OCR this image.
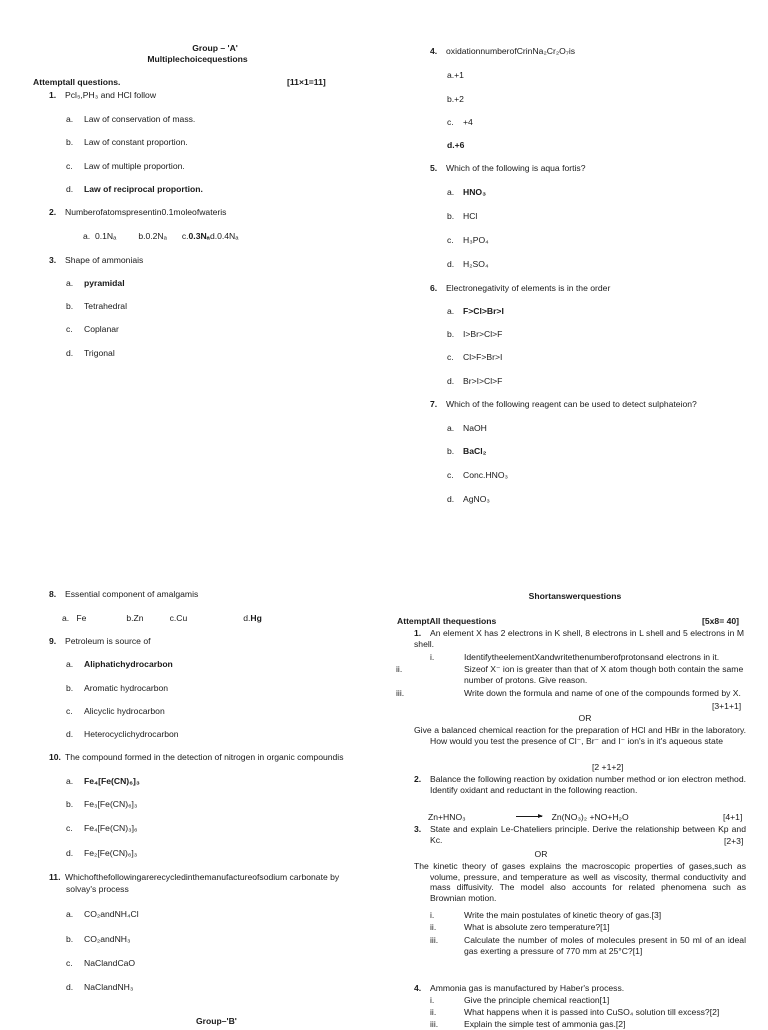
Group – 'A'
Multiplechoicequestions
Attemptall questions.	[11×1=11]
1. Pcl₅,PH₃ and HCl follow
a. Law of conservation of mass.
b. Law of constant proportion.
c. Law of multiple proportion.
d. Law of reciprocal proportion.
2. Numberofatomspresentin0.1moleofwateris
a. 0.1Nₐ	b.0.2Nₐ c.0.3Nₐd.0.4Nₐ
3. Shape of ammoniais
a. pyramidal
b. Tetrahedral
c. Coplanar
d. Trigonal
4. oxidationnumberofCrinNa₂Cr₂O₇is
a.+1
b.+2
c. +4
d.+6
5. Which of the following is aqua fortis?
a. HNO₃
b. HCl
c. H₃PO₄
d. H₂SO₄
6. Electronegativity of elements is in the order
a. F>Cl>Br>I
b. I>Br>Cl>F
c. Cl>F>Br>I
d. Br>I>Cl>F
7. Which of the following reagent can be used to detect sulphateion?
a. NaOH
b. BaCl₂
c. Conc.HNO₃
d. AgNO₃
8. Essential component of amalgamis
a. Fe	b.Zn	c.Cu	d.Hg
9. Petroleum is source of
a. Aliphatichydrocarbon
b. Aromatic hydrocarbon
c. Alicyclic hydrocarbon
d. Heterocyclichydrocarbon
10. The compound formed in the detection of nitrogen in organic compoundis
a. Fe₄[Fe(CN)₆]₃
b. Fe₃[Fe(CN)₆]₃
c. Fe₄[Fe(CN)₃]₆
d. Fe₂[Fe(CN)₆]₃
11. Whichofthefollowingarerecycledinthemanufactureofsodium carbonate by
solvay's process
a. CO₂andNH₄Cl
b. CO₂andNH₃
c. NaClandCaO
d. NaClandNH₃
Group–'B'
Shortanswerquestions
AttemptAll thequestions	[5x8= 40]
1. An element X has 2 electrons in K shell, 8 electrons in L shell and 5 electrons in M shell.
i.	IdentifytheelementXandwritethenumberofprotonsand electrons in it.
ii.	Sizeof X⁻ ion is greater than that of X atom though both contain the same number of protons. Give reason.
iii.	Write down the formula and name of one of the compounds formed by X.
[3+1+1]
OR
Give a balanced chemical reaction for the preparation of HCl and HBr in the laboratory. How would you test the presence of Cl⁻, Br⁻ and I⁻ ion's in it's aqueous state
[2 +1+2]
2. Balance the following reaction by oxidation number method or ion electron method. Identify oxidant and reductant in the following reaction.
Zn+HNO₃	→ Zn(NO₃)₂ +NO+H₂O	[4+1]
3. State and explain Le-Chateliers principle. Derive the relationship between Kp and Kc.	[2+3]
OR
The kinetic theory of gases explains the macroscopic properties of gases,such as volume, pressure, and temperature as well as viscosity, thermal conductivity and mass diffusivity. The model also accounts for related phenomena such as Brownian motion.
i.	Write the main postulates of kinetic theory of gas.[3]
ii.	What is absolute zero temperature?[1]
iii.	Calculate the number of moles of molecules present in 50 ml of an ideal gas exerting a pressure of 770 mm at 25°C?[1]
4. Ammonia gas is manufactured by Haber's process.
i.	Give the principle chemical reaction[1]
ii.	What happens when it is passed into CuSO₄ solution till excess?[2]
iii.	Explain the simple test of ammonia gas.[2]
